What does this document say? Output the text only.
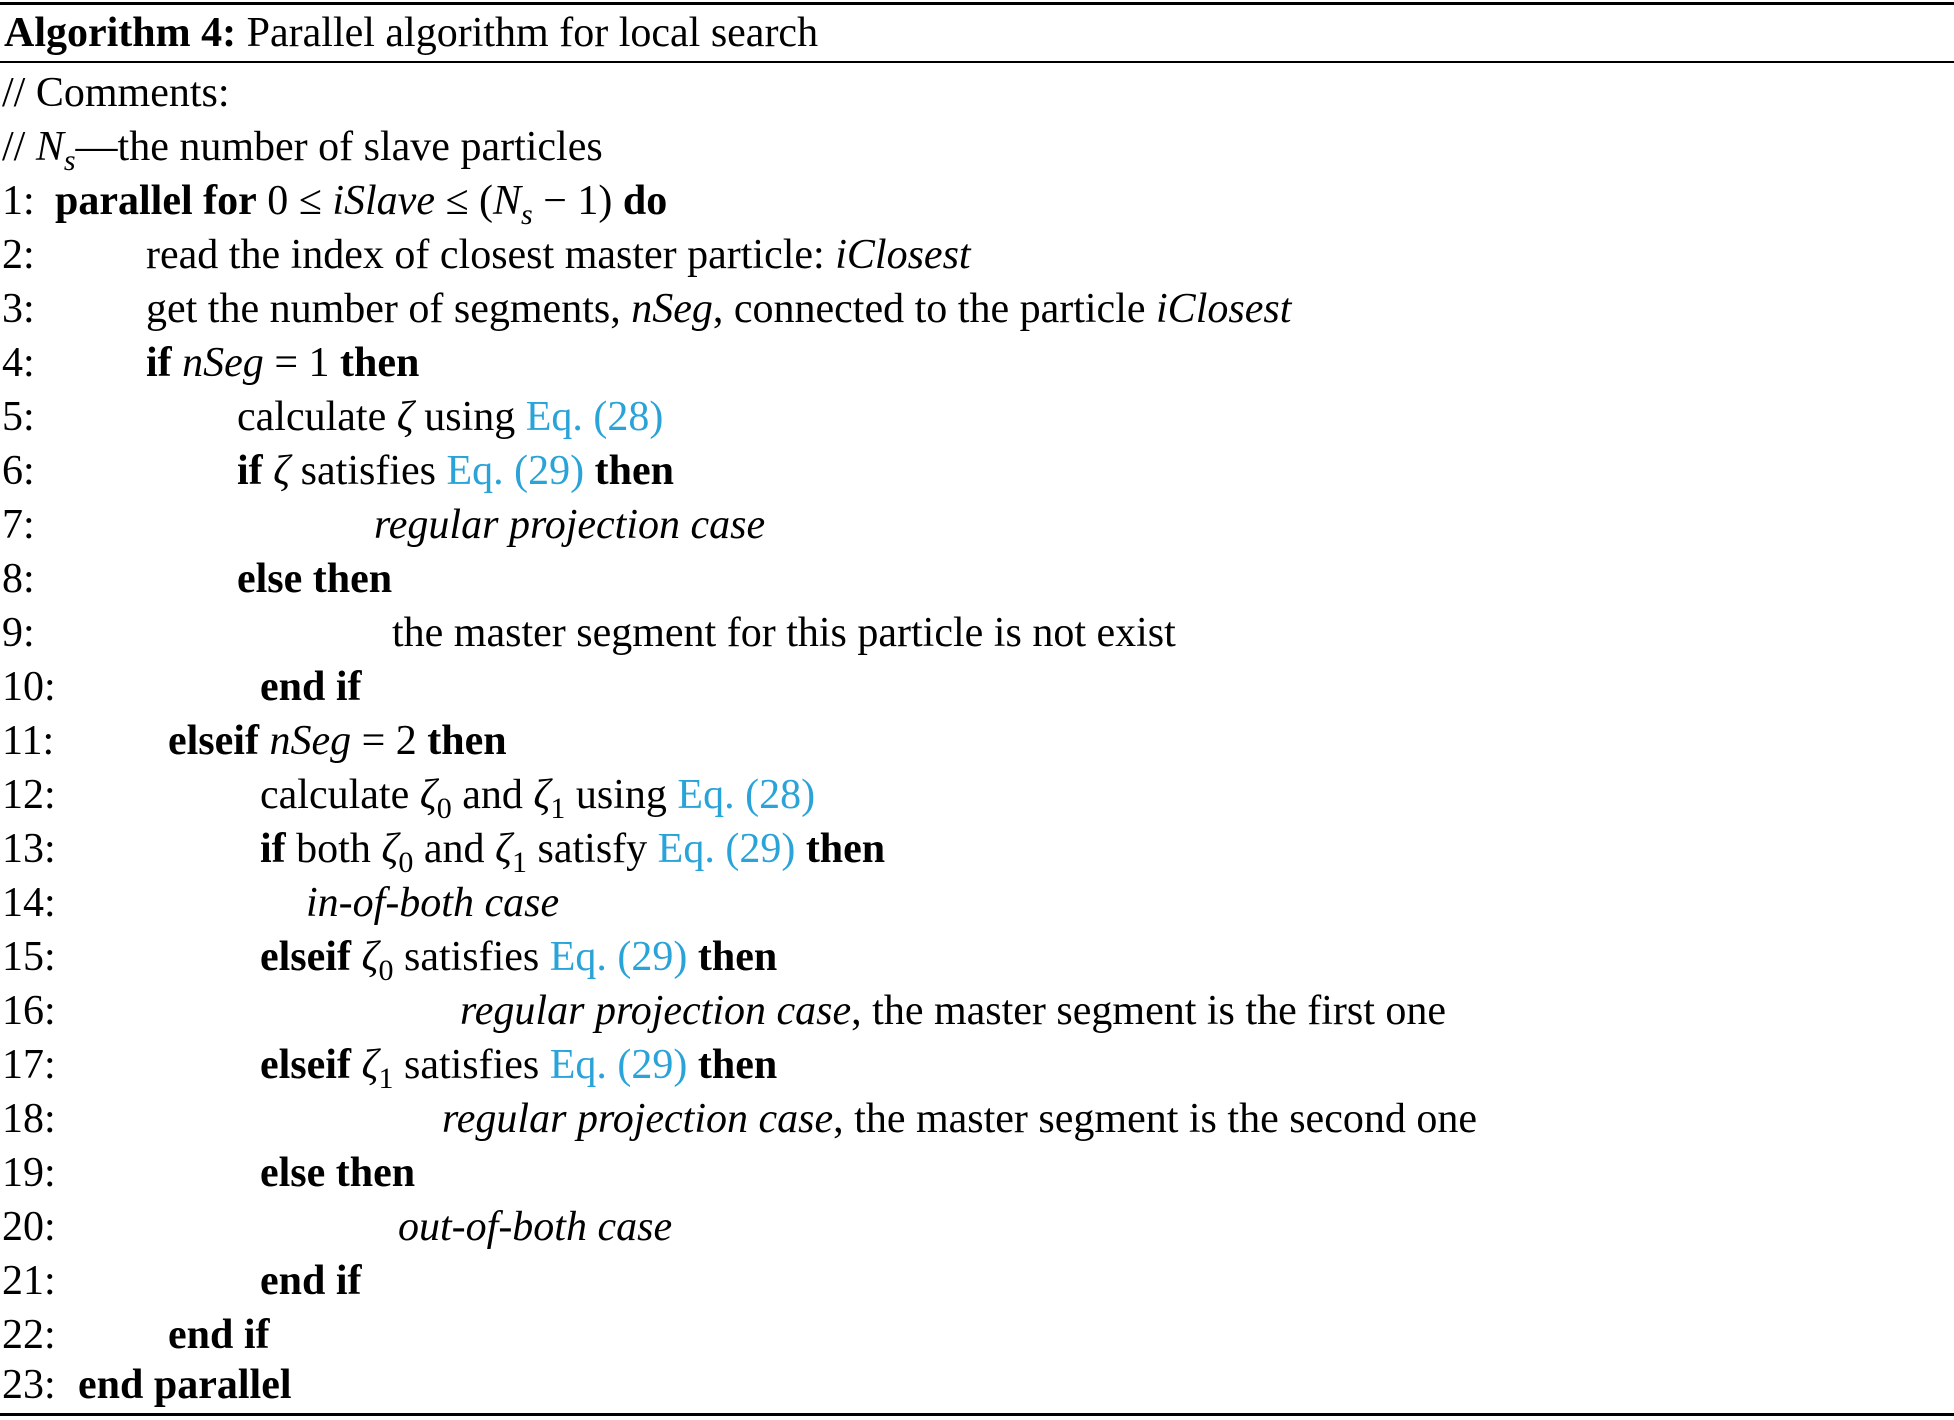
Algorithm 4: Parallel algorithm for local search
// Comments:
// $N_s—the$ number of slave particles
1: parallel for 0 ≤ iSlave ≤ $(N_s - 1)$ do
2:	read the index of closest master particle: iClosest
3:	get the number of segments, nSeg, connected to the particle iClosest
4:	if nSeg = 1 then
5:	calculate ζ using Eq. (28)
6:	if ζ satisfies Eq. (29) then
7:	regular projection case
8:	else then
9:	the master segment for this particle is not exist
10:	end if
11:	elseif nSeg = 2 then
12:	calculate $\zeta_0$ and $\zeta_1$ using Eq. (28)
13:	if both $\zeta_0$ and $\zeta_1$ satisfy Eq. (29) then
14:	in-of-both case
15:	elseif $\zeta_0$ satisfies Eq. (29) then
16:	regular projection case, the master segment is the first one
17:	elseif $\zeta_1$ satisfies Eq. (29) then
18:	regular projection case, the master segment is the second one
19:	else then
20:	out-of-both case
21:	end if
22:	end if
23: end parallel
